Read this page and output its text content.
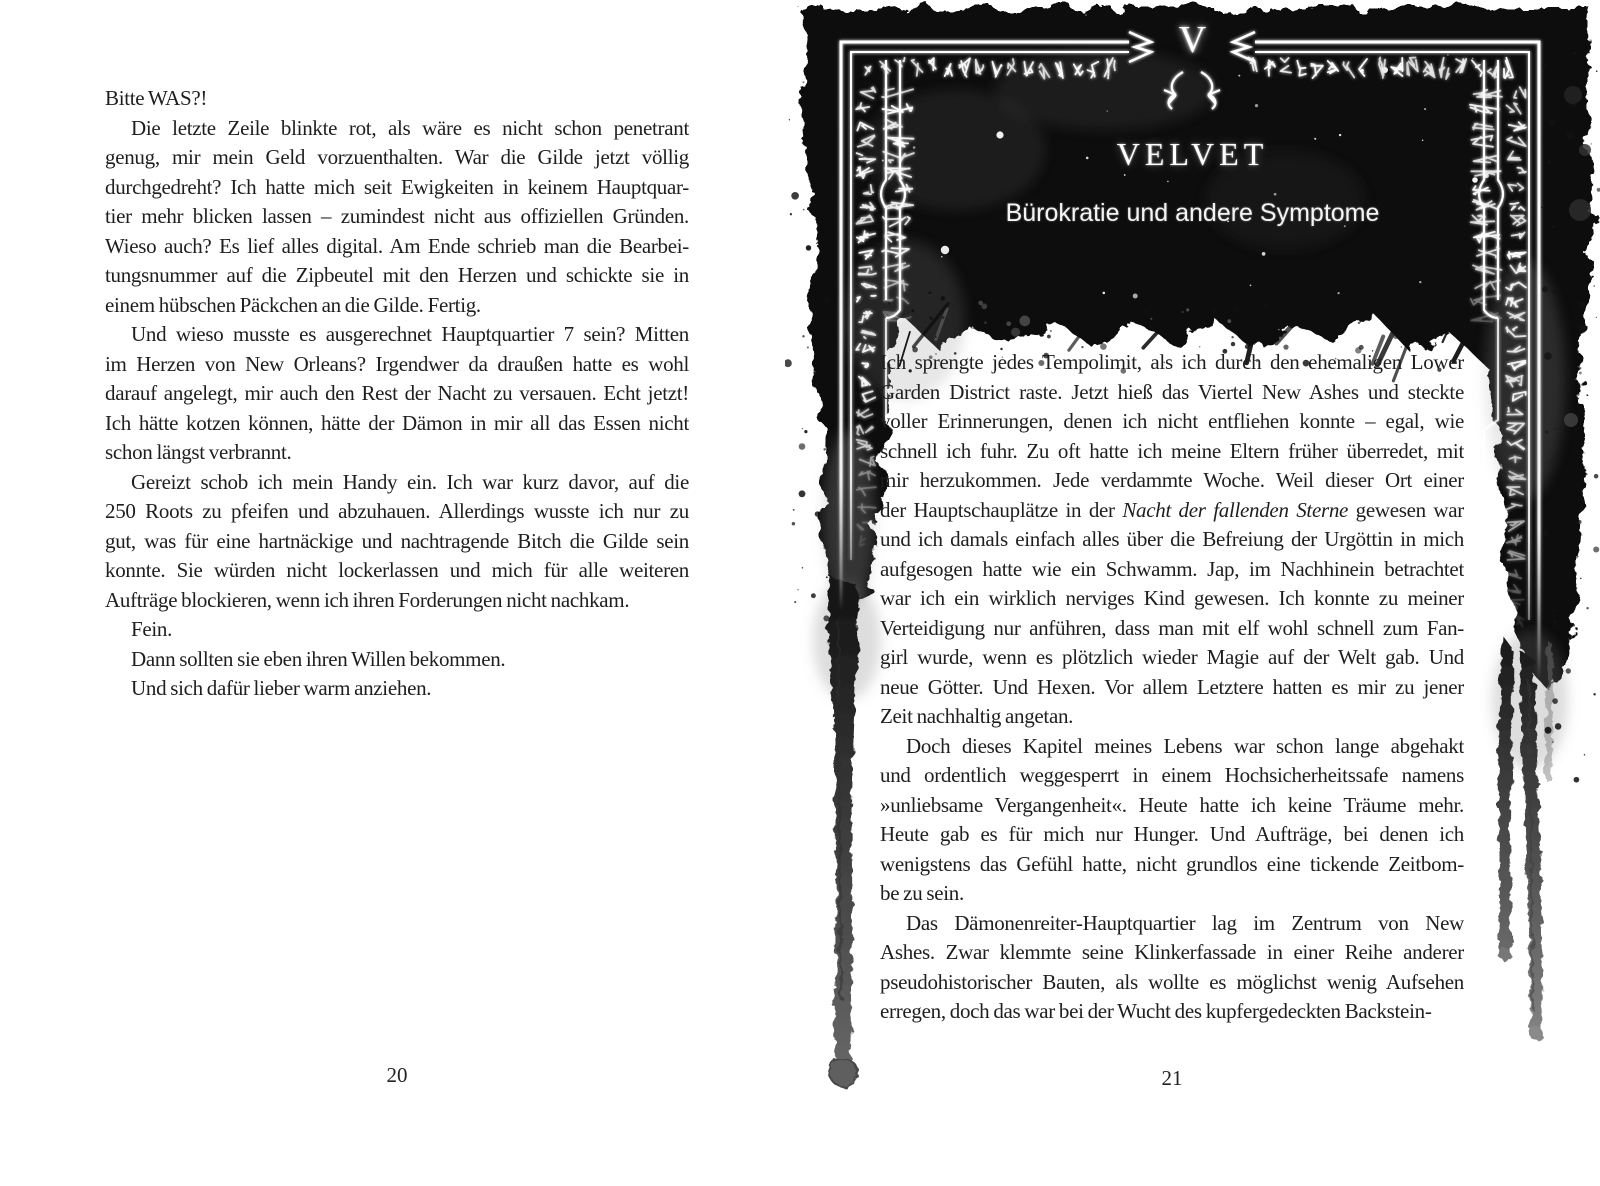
Bitte WAS?!
Die letzte Zeile blinkte rot, als wäre es nicht schon penetrant
genug, mir mein Geld vorzuenthalten. War die Gilde jetzt völlig
durchgedreht? Ich hatte mich seit Ewigkeiten in keinem Hauptquar-
tier mehr blicken lassen – zumindest nicht aus offiziellen Gründen.
Wieso auch? Es lief alles digital. Am Ende schrieb man die Bearbei-
tungsnummer auf die Zipbeutel mit den Herzen und schickte sie in
einem hübschen Päckchen an die Gilde. Fertig.
Und wieso musste es ausgerechnet Hauptquartier 7 sein? Mitten
im Herzen von New Orleans? Irgendwer da draußen hatte es wohl
darauf angelegt, mir auch den Rest der Nacht zu versauen. Echt jetzt!
Ich hätte kotzen können, hätte der Dämon in mir all das Essen nicht
schon längst verbrannt.
Gereizt schob ich mein Handy ein. Ich war kurz davor, auf die
250 Roots zu pfeifen und abzuhauen. Allerdings wusste ich nur zu
gut, was für eine hartnäckige und nachtragende Bitch die Gilde sein
konnte. Sie würden nicht lockerlassen und mich für alle weiteren
Aufträge blockieren, wenn ich ihren Forderungen nicht nachkam.
Fein.
Dann sollten sie eben ihren Willen bekommen.
Und sich dafür lieber warm anziehen.
20
V
VELVET
Bürokratie und andere Symptome
Ich sprengte jedes Tempolimit, als ich durch den ehemaligen Lower
Garden District raste. Jetzt hieß das Viertel New Ashes und steckte
voller Erinnerungen, denen ich nicht entfliehen konnte – egal, wie
schnell ich fuhr. Zu oft hatte ich meine Eltern früher überredet, mit
mir herzukommen. Jede verdammte Woche. Weil dieser Ort einer
der Hauptschauplätze in der Nacht der fallenden Sterne gewesen war
und ich damals einfach alles über die Befreiung der Urgöttin in mich
aufgesogen hatte wie ein Schwamm. Jap, im Nachhinein betrachtet
war ich ein wirklich nerviges Kind gewesen. Ich konnte zu meiner
Verteidigung nur anführen, dass man mit elf wohl schnell zum Fan-
girl wurde, wenn es plötzlich wieder Magie auf der Welt gab. Und
neue Götter. Und Hexen. Vor allem Letztere hatten es mir zu jener
Zeit nachhaltig angetan.
Doch dieses Kapitel meines Lebens war schon lange abgehakt
und ordentlich weggesperrt in einem Hochsicherheitssafe namens
»unliebsame Vergangenheit«. Heute hatte ich keine Träume mehr.
Heute gab es für mich nur Hunger. Und Aufträge, bei denen ich
wenigstens das Gefühl hatte, nicht grundlos eine tickende Zeitbom-
be zu sein.
Das Dämonenreiter-Hauptquartier lag im Zentrum von New
Ashes. Zwar klemmte seine Klinkerfassade in einer Reihe anderer
pseudohistorischer Bauten, als wollte es möglichst wenig Aufsehen
erregen, doch das war bei der Wucht des kupfergedeckten Backstein-
21
